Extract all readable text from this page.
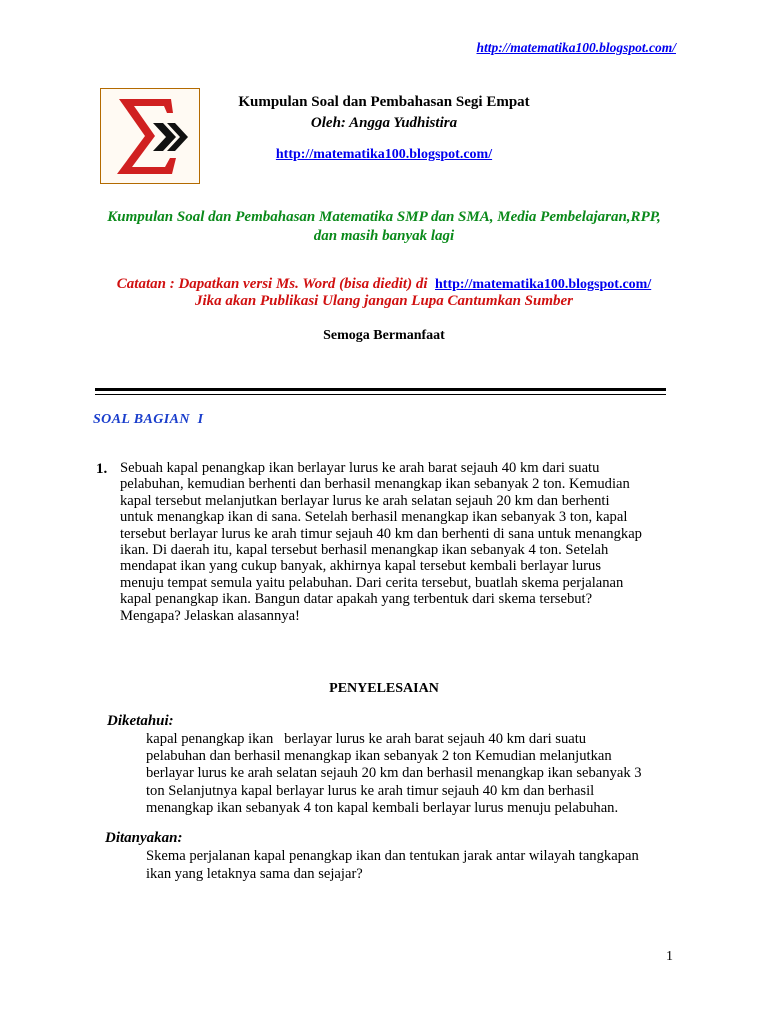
http://matematika100.blogspot.com/
Kumpulan Soal dan Pembahasan Segi Empat
Oleh: Angga Yudhistira
http://matematika100.blogspot.com/
Kumpulan Soal dan Pembahasan Matematika SMP dan SMA, Media Pembelajaran,RPP,
dan masih banyak lagi
Catatan : Dapatkan versi Ms. Word (bisa diedit) di http://matematika100.blogspot.com/
Jika akan Publikasi Ulang jangan Lupa Cantumkan Sumber
Semoga Bermanfaat
SOAL BAGIAN  I
1. Sebuah kapal penangkap ikan berlayar lurus ke arah barat sejauh 40 km dari suatu
pelabuhan, kemudian berhenti dan berhasil menangkap ikan sebanyak 2 ton. Kemudian
kapal tersebut melanjutkan berlayar lurus ke arah selatan sejauh 20 km dan berhenti
untuk menangkap ikan di sana. Setelah berhasil menangkap ikan sebanyak 3 ton, kapal
tersebut berlayar lurus ke arah timur sejauh 40 km dan berhenti di sana untuk menangkap
ikan. Di daerah itu, kapal tersebut berhasil menangkap ikan sebanyak 4 ton. Setelah
mendapat ikan yang cukup banyak, akhirnya kapal tersebut kembali berlayar lurus
menuju tempat semula yaitu pelabuhan. Dari cerita tersebut, buatlah skema perjalanan
kapal penangkap ikan. Bangun datar apakah yang terbentuk dari skema tersebut?
Mengapa? Jelaskan alasannya!
PENYELESAIAN
Diketahui:
kapal penangkap ikan   berlayar lurus ke arah barat sejauh 40 km dari suatu
pelabuhan dan berhasil menangkap ikan sebanyak 2 ton Kemudian melanjutkan
berlayar lurus ke arah selatan sejauh 20 km dan berhasil menangkap ikan sebanyak 3
ton Selanjutnya kapal berlayar lurus ke arah timur sejauh 40 km dan berhasil
menangkap ikan sebanyak 4 ton kapal kembali berlayar lurus menuju pelabuhan.
Ditanyakan:
Skema perjalanan kapal penangkap ikan dan tentukan jarak antar wilayah tangkapan
ikan yang letaknya sama dan sejajar?
1
